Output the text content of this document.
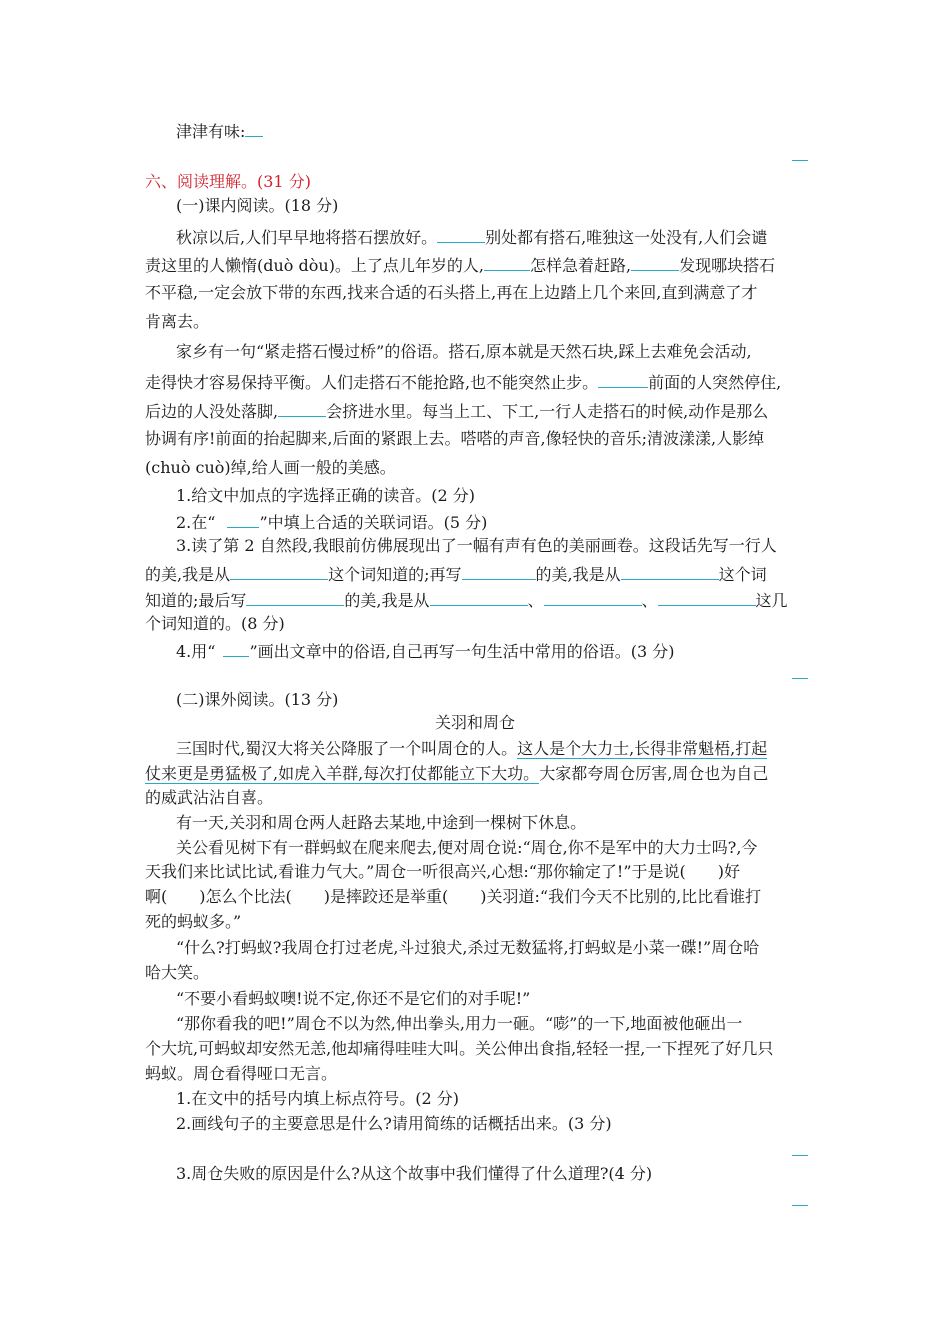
津津有味:
六、阅读理解。(31 分)
(一)课内阅读。(18 分)
秋凉以后,人们早早地将搭石摆放好。	别处都有搭石,唯独这一处没有,人们会谴
责这里的人懒惰(duò dòu)。上了点儿年岁的人,	怎样急着赶路,	发现哪块搭石
不平稳,一定会放下带的东西,找来合适的石头搭上,再在上边踏上几个来回,直到满意了才
肯离去。
家乡有一句“紧走搭石慢过桥”的俗语。搭石,原本就是天然石块,踩上去难免会活动,
走得快才容易保持平衡。人们走搭石不能抢路,也不能突然止步。	前面的人突然停住,
后边的人没处落脚,	会挤进水里。每当上工、下工,一行人走搭石的时候,动作是那么
协调有序!前面的抬起脚来,后面的紧跟上去。嗒嗒的声音,像轻快的音乐;清波漾漾,人影绰
(chuò cuò)绰,给人画一般的美感。
1.给文中加点的字选择正确的读音。(2 分)
2.在“	”中填上合适的关联词语。(5 分)
3.读了第 2 自然段,我眼前仿佛展现出了一幅有声有色的美丽画卷。这段话先写一行人
的美,我是从	这个词知道的;再写	的美,我是从	这个词
知道的;最后写	的美,我是从	、	、	这几
个词知道的。(8 分)
4.用“ ”画出文章中的俗语,自己再写一句生活中常用的俗语。(3 分)
(二)课外阅读。(13 分)
关羽和周仓
三国时代,蜀汉大将关公降服了一个叫周仓的人。这人是个大力士,长得非常魁梧,打起
仗来更是勇猛极了,如虎入羊群,每次打仗都能立下大功。大家都夸周仓厉害,周仓也为自己
的威武沾沾自喜。
有一天,关羽和周仓两人赶路去某地,中途到一棵树下休息。
关公看见树下有一群蚂蚁在爬来爬去,便对周仓说:“周仓,你不是军中的大力士吗?,今
天我们来比试比试,看谁力气大。”周仓一听很高兴,心想:“那你输定了!”于是说( )好
啊( )怎么个比法( )是摔跤还是举重( )关羽道:“我们今天不比别的,比比看谁打
死的蚂蚁多。”
“什么?打蚂蚁?我周仓打过老虎,斗过狼犬,杀过无数猛将,打蚂蚁是小菜一碟!”周仓哈
哈大笑。
“不要小看蚂蚁噢!说不定,你还不是它们的对手呢!”
“那你看我的吧!”周仓不以为然,伸出拳头,用力一砸。“嘭”的一下,地面被他砸出一
个大坑,可蚂蚁却安然无恙,他却痛得哇哇大叫。关公伸出食指,轻轻一捏,一下捏死了好几只
蚂蚁。周仓看得哑口无言。
1.在文中的括号内填上标点符号。(2 分)
2.画线句子的主要意思是什么?请用简练的话概括出来。(3 分)
3.周仓失败的原因是什么?从这个故事中我们懂得了什么道理?(4 分)
